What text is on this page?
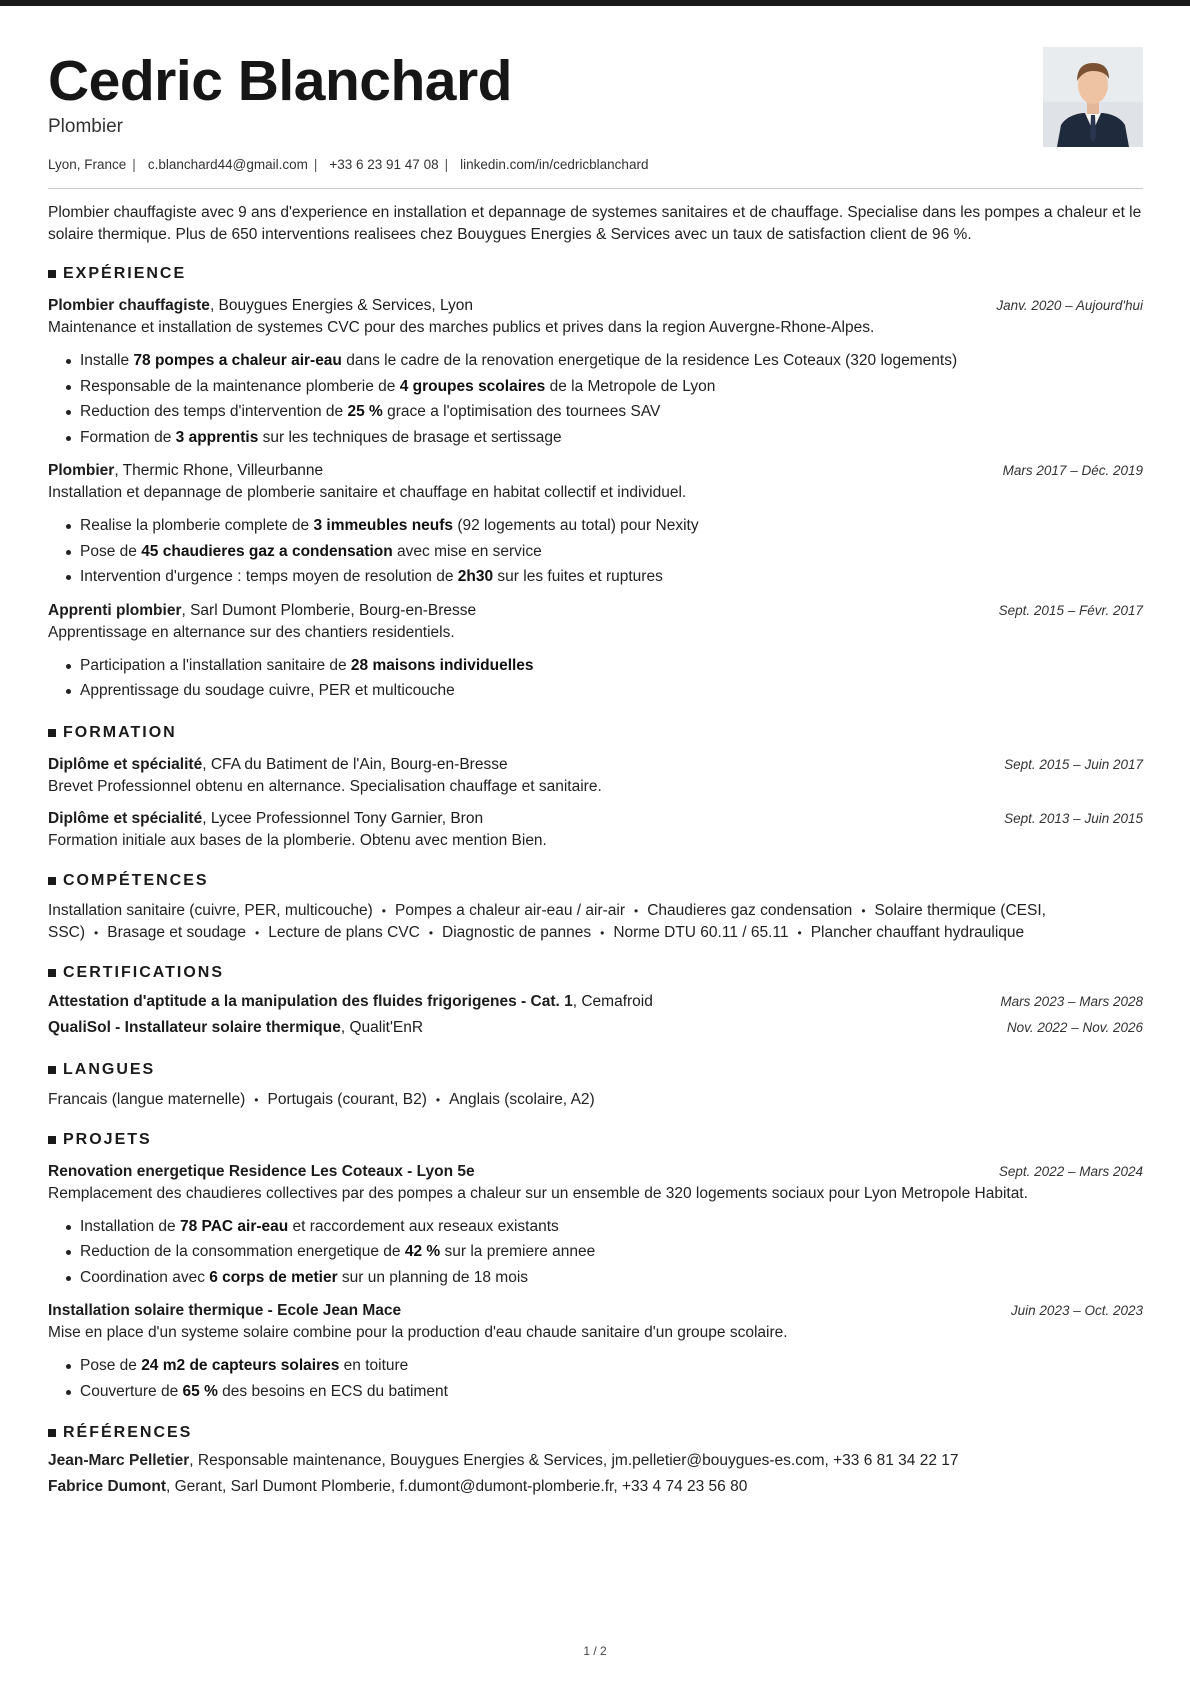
Cedric Blanchard
Plombier
Lyon, France | c.blanchard44@gmail.com | +33 6 23 91 47 08 | linkedin.com/in/cedricblanchard
Plombier chauffagiste avec 9 ans d'experience en installation et depannage de systemes sanitaires et de chauffage. Specialise dans les pompes a chaleur et le solaire thermique. Plus de 650 interventions realisees chez Bouygues Energies & Services avec un taux de satisfaction client de 96 %.
EXPÉRIENCE
Plombier chauffagiste, Bouygues Energies & Services, Lyon	Janv. 2020 – Aujourd'hui
Maintenance et installation de systemes CVC pour des marches publics et prives dans la region Auvergne-Rhone-Alpes.
Installe 78 pompes a chaleur air-eau dans le cadre de la renovation energetique de la residence Les Coteaux (320 logements)
Responsable de la maintenance plomberie de 4 groupes scolaires de la Metropole de Lyon
Reduction des temps d'intervention de 25 % grace a l'optimisation des tournees SAV
Formation de 3 apprentis sur les techniques de brasage et sertissage
Plombier, Thermic Rhone, Villeurbanne	Mars 2017 – Déc. 2019
Installation et depannage de plomberie sanitaire et chauffage en habitat collectif et individuel.
Realise la plomberie complete de 3 immeubles neufs (92 logements au total) pour Nexity
Pose de 45 chaudieres gaz a condensation avec mise en service
Intervention d'urgence : temps moyen de resolution de 2h30 sur les fuites et ruptures
Apprenti plombier, Sarl Dumont Plomberie, Bourg-en-Bresse	Sept. 2015 – Févr. 2017
Apprentissage en alternance sur des chantiers residentiels.
Participation a l'installation sanitaire de 28 maisons individuelles
Apprentissage du soudage cuivre, PER et multicouche
FORMATION
Diplôme et spécialité, CFA du Batiment de l'Ain, Bourg-en-Bresse	Sept. 2015 – Juin 2017
Brevet Professionnel obtenu en alternance. Specialisation chauffage et sanitaire.
Diplôme et spécialité, Lycee Professionnel Tony Garnier, Bron	Sept. 2013 – Juin 2015
Formation initiale aux bases de la plomberie. Obtenu avec mention Bien.
COMPÉTENCES
Installation sanitaire (cuivre, PER, multicouche) • Pompes a chaleur air-eau / air-air • Chaudieres gaz condensation • Solaire thermique (CESI, SSC) • Brasage et soudage • Lecture de plans CVC • Diagnostic de pannes • Norme DTU 60.11 / 65.11 • Plancher chauffant hydraulique
CERTIFICATIONS
Attestation d'aptitude a la manipulation des fluides frigorigenes - Cat. 1, Cemafroid	Mars 2023 – Mars 2028
QualiSol - Installateur solaire thermique, Qualit'EnR	Nov. 2022 – Nov. 2026
LANGUES
Francais (langue maternelle) • Portugais (courant, B2) • Anglais (scolaire, A2)
PROJETS
Renovation energetique Residence Les Coteaux - Lyon 5e	Sept. 2022 – Mars 2024
Remplacement des chaudieres collectives par des pompes a chaleur sur un ensemble de 320 logements sociaux pour Lyon Metropole Habitat.
Installation de 78 PAC air-eau et raccordement aux reseaux existants
Reduction de la consommation energetique de 42 % sur la premiere annee
Coordination avec 6 corps de metier sur un planning de 18 mois
Installation solaire thermique - Ecole Jean Mace	Juin 2023 – Oct. 2023
Mise en place d'un systeme solaire combine pour la production d'eau chaude sanitaire d'un groupe scolaire.
Pose de 24 m2 de capteurs solaires en toiture
Couverture de 65 % des besoins en ECS du batiment
RÉFÉRENCES
Jean-Marc Pelletier, Responsable maintenance, Bouygues Energies & Services, jm.pelletier@bouygues-es.com, +33 6 81 34 22 17
Fabrice Dumont, Gerant, Sarl Dumont Plomberie, f.dumont@dumont-plomberie.fr, +33 4 74 23 56 80
1 / 2
